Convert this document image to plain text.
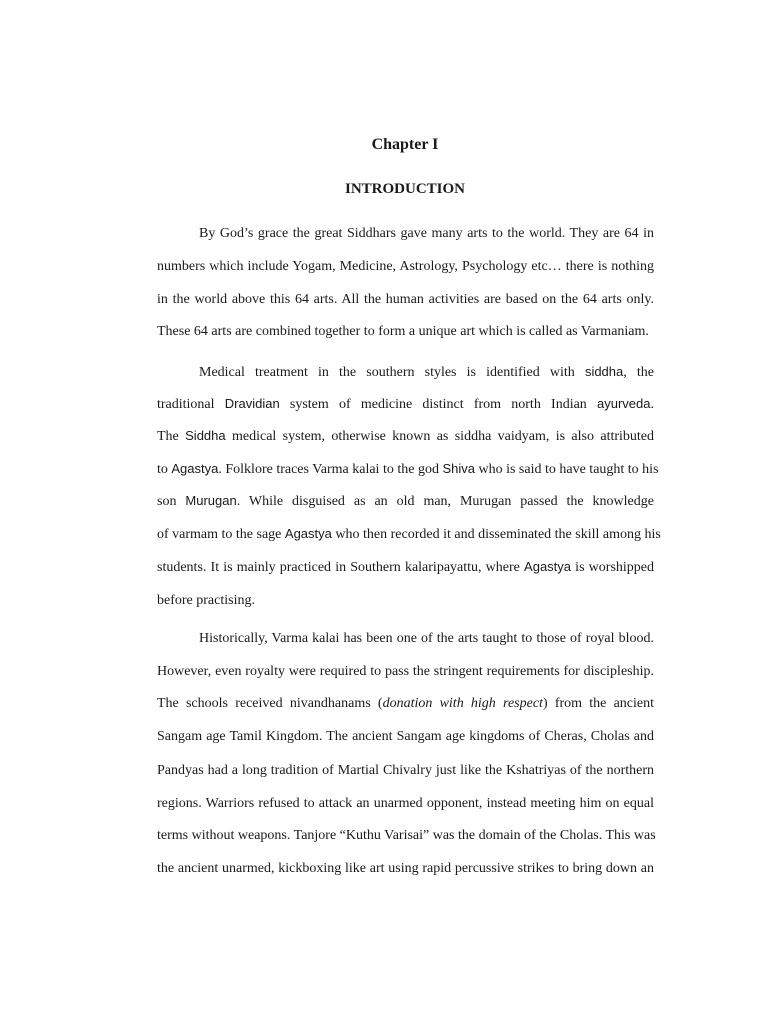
Chapter I
INTRODUCTION
By God’s grace the great Siddhars gave many arts to the world. They are 64 in
numbers which include Yogam, Medicine, Astrology, Psychology etc… there is nothing
in the world above this 64 arts. All the human activities are based on the 64 arts only.
These 64 arts are combined together to form a unique art which is called as Varmaniam.
Medical treatment in the southern styles is identified with siddha, the
traditional Dravidian system of medicine distinct from north Indian ayurveda.
The Siddha medical system, otherwise known as siddha vaidyam, is also attributed
to Agastya. Folklore traces Varma kalai to the god Shiva who is said to have taught to his
son Murugan. While disguised as an old man, Murugan passed the knowledge
of varmam to the sage Agastya who then recorded it and disseminated the skill among his
students. It is mainly practiced in Southern kalaripayattu, where Agastya is worshipped
before practising.
Historically, Varma kalai has been one of the arts taught to those of royal blood.
However, even royalty were required to pass the stringent requirements for discipleship.
The schools received nivandhanams (donation with high respect) from the ancient
Sangam age Tamil Kingdom. The ancient Sangam age kingdoms of Cheras, Cholas and
Pandyas had a long tradition of Martial Chivalry just like the Kshatriyas of the northern
regions. Warriors refused to attack an unarmed opponent, instead meeting him on equal
terms without weapons. Tanjore “Kuthu Varisai” was the domain of the Cholas. This was
the ancient unarmed, kickboxing like art using rapid percussive strikes to bring down an
